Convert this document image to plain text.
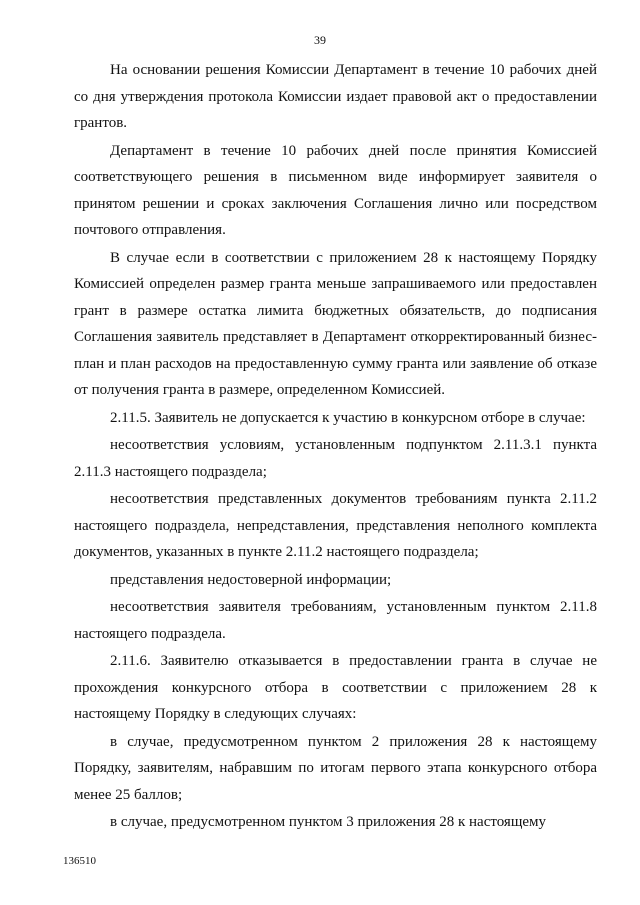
39

На основании решения Комиссии Департамент в течение 10 рабочих дней со дня утверждения протокола Комиссии издает правовой акт о предоставлении грантов.

Департамент в течение 10 рабочих дней после принятия Комиссией соответствующего решения в письменном виде информирует заявителя о принятом решении и сроках заключения Соглашения лично или посредством почтового отправления.

В случае если в соответствии с приложением 28 к настоящему Порядку Комиссией определен размер гранта меньше запрашиваемого или предоставлен грант в размере остатка лимита бюджетных обязательств, до подписания Соглашения заявитель представляет в Департамент откорректированный бизнес-план и план расходов на предоставленную сумму гранта или заявление об отказе от получения гранта в размере, определенном Комиссией.

2.11.5. Заявитель не допускается к участию в конкурсном отборе в случае:

несоответствия условиям, установленным подпунктом 2.11.3.1 пункта 2.11.3 настоящего подраздела;

несоответствия представленных документов требованиям пункта 2.11.2 настоящего подраздела, непредставления, представления неполного комплекта документов, указанных в пункте 2.11.2 настоящего подраздела;

представления недостоверной информации;

несоответствия заявителя требованиям, установленным пунктом 2.11.8 настоящего подраздела.

2.11.6. Заявителю отказывается в предоставлении гранта в случае не прохождения конкурсного отбора в соответствии с приложением 28 к настоящему Порядку в следующих случаях:

в случае, предусмотренном пунктом 2 приложения 28 к настоящему Порядку, заявителям, набравшим по итогам первого этапа конкурсного отбора менее 25 баллов;

в случае, предусмотренном пунктом 3 приложения 28 к настоящему

136510
